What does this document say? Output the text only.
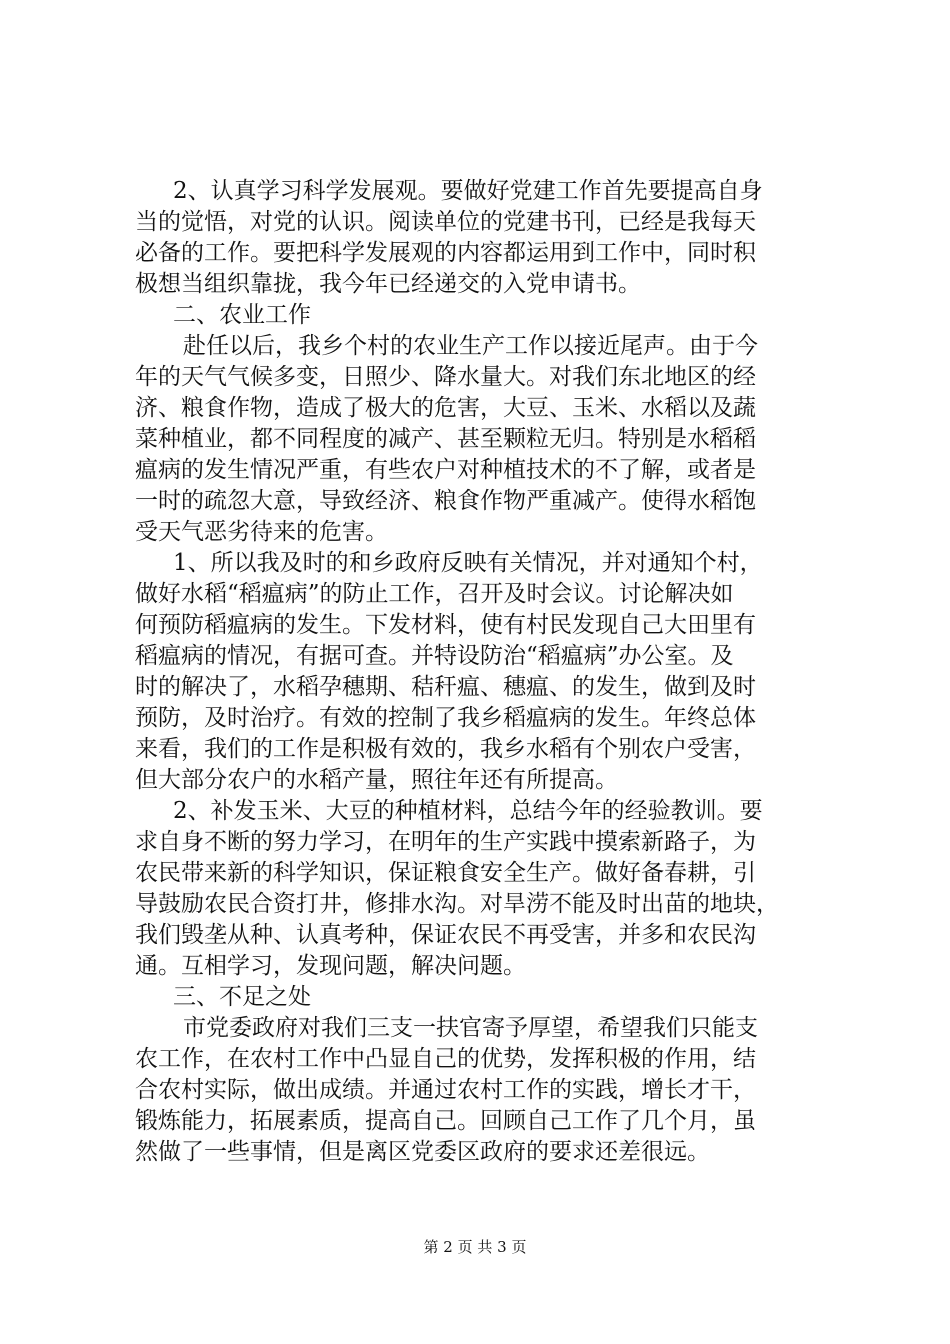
2、认真学习科学发展观。要做好党建工作首先要提高自身
当的觉悟，对党的认识。阅读单位的党建书刊，已经是我每天
必备的工作。要把科学发展观的内容都运用到工作中，同时积
极想当组织靠拢，我今年已经递交的入党申请书。
二、农业工作
赴任以后，我乡个村的农业生产工作以接近尾声。由于今
年的天气气候多变，日照少、降水量大。对我们东北地区的经
济、粮食作物，造成了极大的危害，大豆、玉米、水稻以及蔬
菜种植业，都不同程度的减产、甚至颗粒无归。特别是水稻稻
瘟病的发生情况严重，有些农户对种植技术的不了解，或者是
一时的疏忽大意，导致经济、粮食作物严重减产。使得水稻饱
受天气恶劣待来的危害。
1、所以我及时的和乡政府反映有关情况，并对通知个村，
做好水稻“稻瘟病”的防止工作，召开及时会议。讨论解决如
何预防稻瘟病的发生。下发材料，使有村民发现自己大田里有
稻瘟病的情况，有据可查。并特设防治“稻瘟病”办公室。及
时的解决了，水稻孕穗期、秸秆瘟、穗瘟、的发生，做到及时
预防，及时治疗。有效的控制了我乡稻瘟病的发生。年终总体
来看，我们的工作是积极有效的，我乡水稻有个别农户受害，
但大部分农户的水稻产量，照往年还有所提高。
2、补发玉米、大豆的种植材料，总结今年的经验教训。要
求自身不断的努力学习，在明年的生产实践中摸索新路子，为
农民带来新的科学知识，保证粮食安全生产。做好备春耕，引
导鼓励农民合资打井，修排水沟。对旱涝不能及时出苗的地块，
我们毁垄从种、认真考种，保证农民不再受害，并多和农民沟
通。互相学习，发现问题，解决问题。
三、不足之处
市党委政府对我们三支一扶官寄予厚望，希望我们只能支
农工作，在农村工作中凸显自己的优势，发挥积极的作用，结
合农村实际，做出成绩。并通过农村工作的实践，增长才干，
锻炼能力，拓展素质，提高自己。回顾自己工作了几个月，虽
然做了一些事情，但是离区党委区政府的要求还差很远。
第 2 页 共 3 页
